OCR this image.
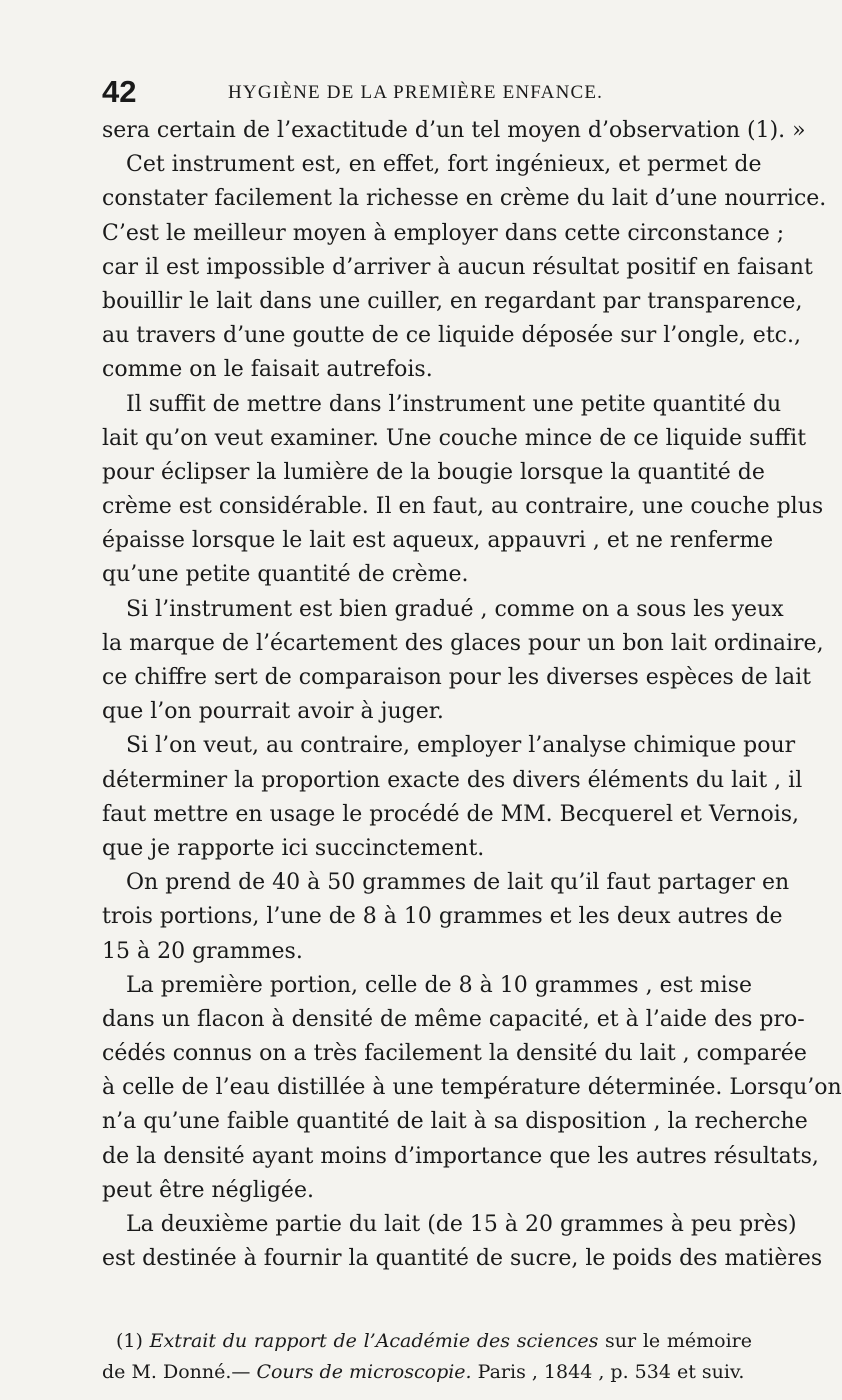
42	HYGIÈNE DE LA PREMIÈRE ENFANCE.
sera certain de l’exactitude d’un tel moyen d’observation (1). »
Cet instrument est, en effet, fort ingénieux, et permet de
constater facilement la richesse en crème du lait d’une nourrice.
C’est le meilleur moyen à employer dans cette circonstance ;
car il est impossible d’arriver à aucun résultat positif en faisant
bouillir le lait dans une cuiller, en regardant par transparence,
au travers d’une goutte de ce liquide déposée sur l’ongle, etc.,
comme on le faisait autrefois.
Il suffit de mettre dans l’instrument une petite quantité du
lait qu’on veut examiner. Une couche mince de ce liquide suffit
pour éclipser la lumière de la bougie lorsque la quantité de
crème est considérable. Il en faut, au contraire, une couche plus
épaisse lorsque le lait est aqueux, appauvri , et ne renferme
qu’une petite quantité de crème.
Si l’instrument est bien gradué , comme on a sous les yeux
la marque de l’écartement des glaces pour un bon lait ordinaire,
ce chiffre sert de comparaison pour les diverses espèces de lait
que l’on pourrait avoir à juger.
Si l’on veut, au contraire, employer l’analyse chimique pour
déterminer la proportion exacte des divers éléments du lait , il
faut mettre en usage le procédé de MM. Becquerel et Vernois,
que je rapporte ici succinctement.
On prend de 40 à 50 grammes de lait qu’il faut partager en
trois portions, l’une de 8 à 10 grammes et les deux autres de
15 à 20 grammes.
La première portion, celle de 8 à 10 grammes , est mise
dans un flacon à densité de même capacité, et à l’aide des pro-
cédés connus on a très facilement la densité du lait , comparée
à celle de l’eau distillée à une température déterminée. Lorsqu’on
n’a qu’une faible quantité de lait à sa disposition , la recherche
de la densité ayant moins d’importance que les autres résultats,
peut être négligée.
La deuxième partie du lait (de 15 à 20 grammes à peu près)
est destinée à fournir la quantité de sucre, le poids des matières
(1) Extrait du rapport de l’Académie des sciences sur le mémoire
de M. Donné.— Cours de microscopie. Paris , 1844 , p. 534 et suiv.
